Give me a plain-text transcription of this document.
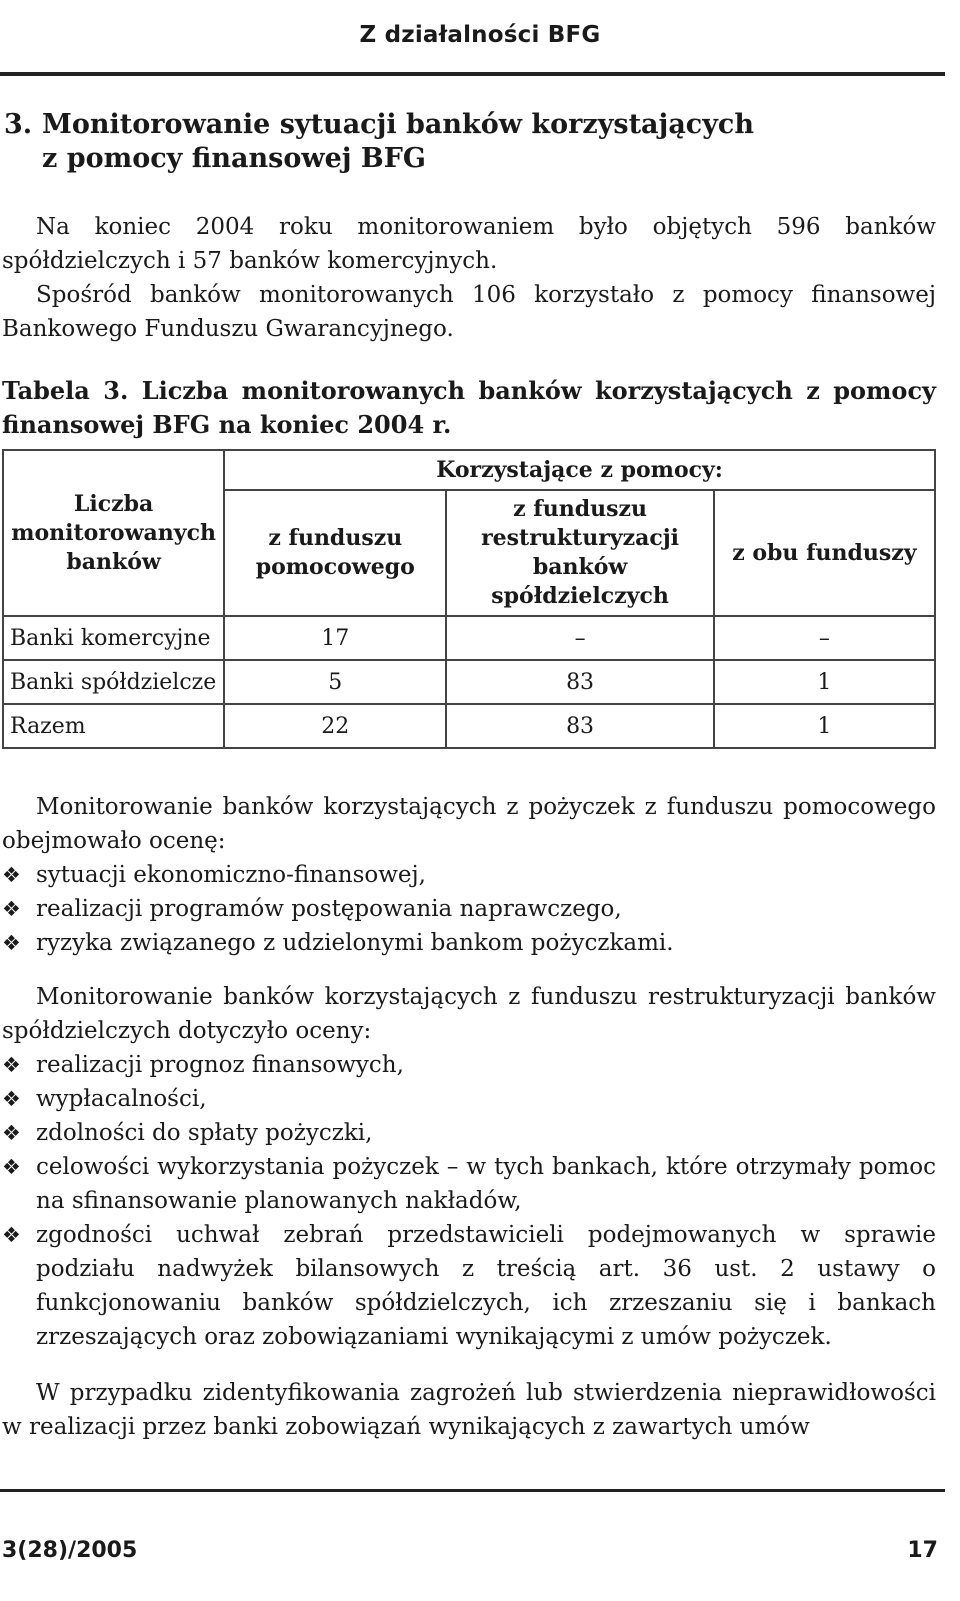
Z działalności BFG
3. Monitorowanie sytuacji banków korzystających
z pomocy finansowej BFG
Na koniec 2004 roku monitorowaniem było objętych 596 banków spółdzielczych i 57 banków komercyjnych.
Spośród banków monitorowanych 106 korzystało z pomocy finansowej Bankowego Funduszu Gwarancyjnego.
Tabela 3. Liczba monitorowanych banków korzystających z pomocy finansowej BFG na koniec 2004 r.
Liczba monitorowanych banków	Korzystające z pomocy:		
	z funduszu pomocowego	z funduszu restrukturyzacji banków spółdzielczych	z obu funduszy
Banki komercyjne	17	–	–
Banki spółdzielcze	5	83	1
Razem	22	83	1
Monitorowanie banków korzystających z pożyczek z funduszu pomocowego obejmowało ocenę:
❖ sytuacji ekonomiczno-finansowej,
❖ realizacji programów postępowania naprawczego,
❖ ryzyka związanego z udzielonymi bankom pożyczkami.
Monitorowanie banków korzystających z funduszu restrukturyzacji banków spółdzielczych dotyczyło oceny:
❖ realizacji prognoz finansowych,
❖ wypłacalności,
❖ zdolności do spłaty pożyczki,
❖ celowości wykorzystania pożyczek – w tych bankach, które otrzymały pomoc na sfinansowanie planowanych nakładów,
❖ zgodności uchwał zebrań przedstawicieli podejmowanych w sprawie podziału nadwyżek bilansowych z treścią art. 36 ust. 2 ustawy o funkcjonowaniu banków spółdzielczych, ich zrzeszaniu się i bankach zrzeszających oraz zobowiązaniami wynikającymi z umów pożyczek.
W przypadku zidentyfikowania zagrożeń lub stwierdzenia nieprawidłowości w realizacji przez banki zobowiązań wynikających z zawartych umów
3(28)/2005	17
